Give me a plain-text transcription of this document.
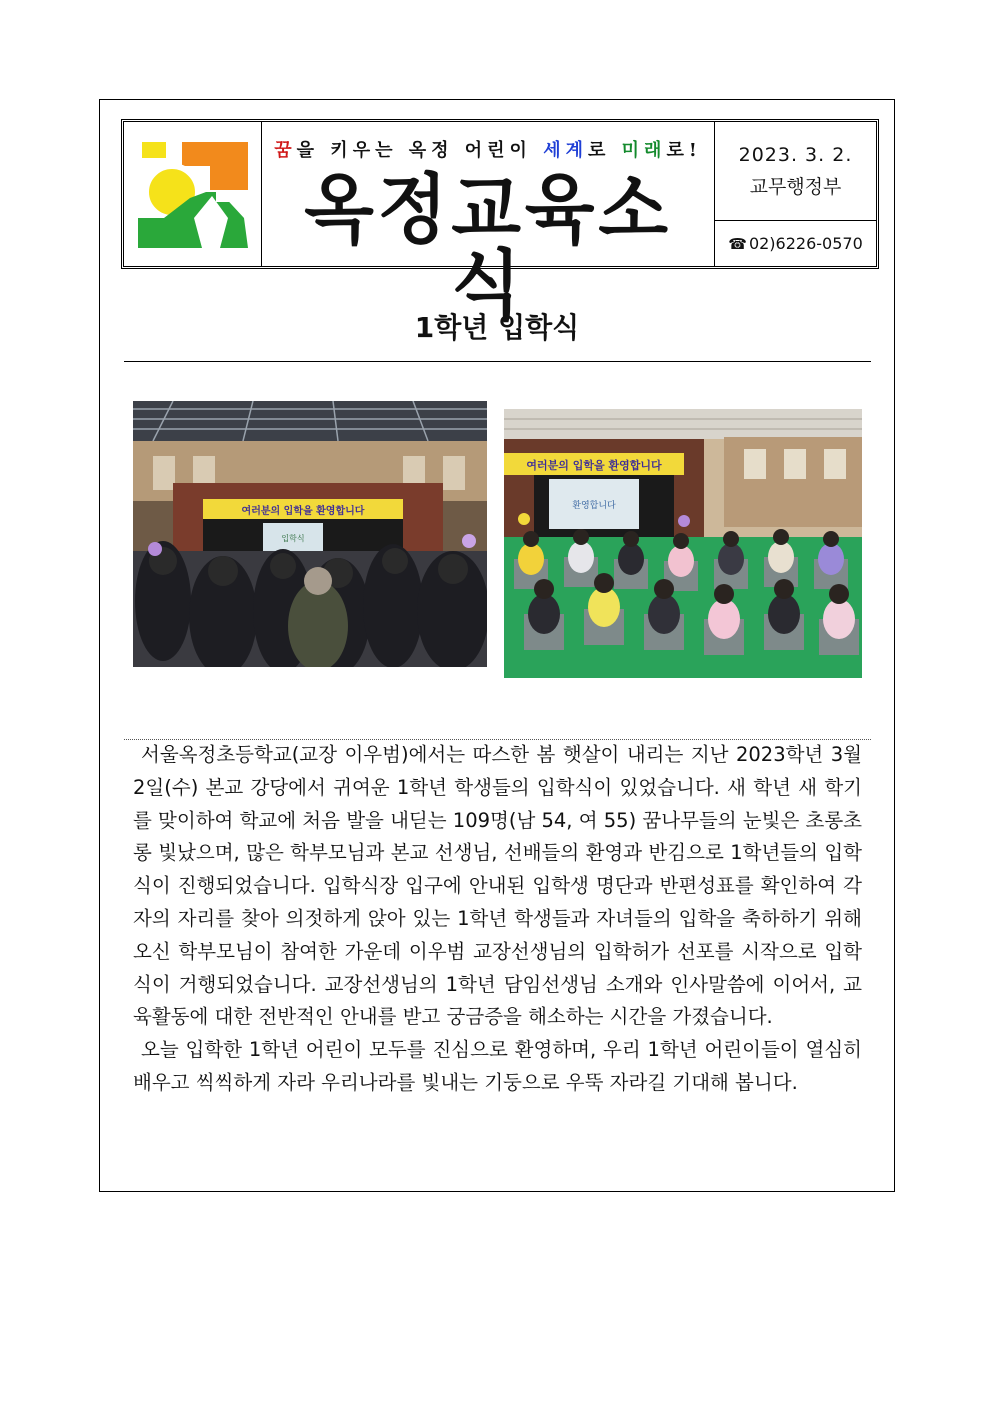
꿈을 키우는 옥정 어린이 세계로 미래로!
옥정교육소식
2023. 3. 2.
교무행정부
☎ 02)6226-0570
1학년 입학식
여러분의 입학을 환영합니다
입학식
여러분의 입학을 환영합니다
환영합니다

서울옥정초등학교(교장 이우범)에서는 따스한 봄 햇살이 내리는 지난 2023학년 3월 2일(수) 본교 강당에서 귀여운 1학년 학생들의 입학식이 있었습니다. 새 학년 새 학기를 맞이하여 학교에 처음 발을 내딛는 109명(남 54, 여 55) 꿈나무들의 눈빛은 초롱초롱 빛났으며, 많은 학부모님과 본교 선생님, 선배들의 환영과 반김으로 1학년들의 입학식이 진행되었습니다. 입학식장 입구에 안내된 입학생 명단과 반편성표를 확인하여 각자의 자리를 찾아 의젓하게 앉아 있는 1학년 학생들과 자녀들의 입학을 축하하기 위해 오신 학부모님이 참여한 가운데 이우범 교장선생님의 입학허가 선포를 시작으로 입학식이 거행되었습니다. 교장선생님의 1학년 담임선생님 소개와 인사말씀에 이어서, 교육활동에 대한 전반적인 안내를 받고 궁금증을 해소하는 시간을 가졌습니다.

오늘 입학한 1학년 어린이 모두를 진심으로 환영하며, 우리 1학년 어린이들이 열심히 배우고 씩씩하게 자라 우리나라를 빛내는 기둥으로 우뚝 자라길 기대해 봅니다.
